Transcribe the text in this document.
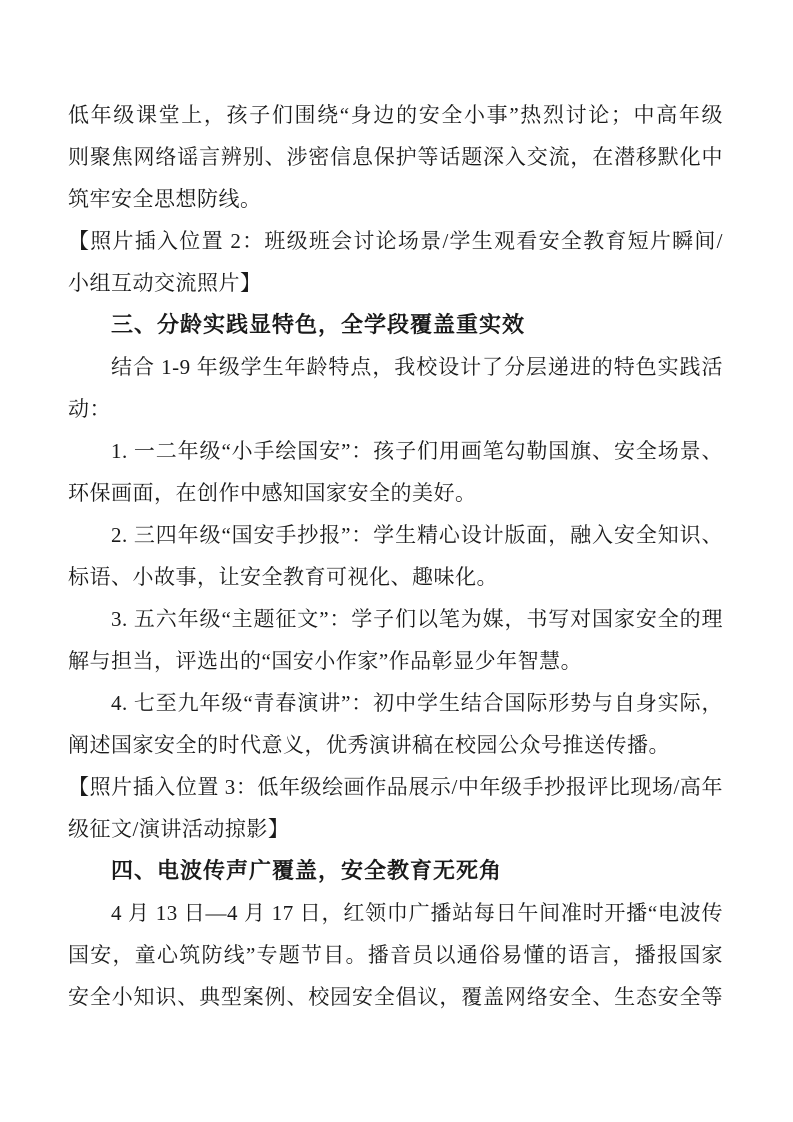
低年级课堂上，孩子们围绕“身边的安全小事”热烈讨论；中高年级
则聚焦网络谣言辨别、涉密信息保护等话题深入交流，在潜移默化中
筑牢安全思想防线。
【照片插入位置 2：班级班会讨论场景/学生观看安全教育短片瞬间/
小组互动交流照片】
三、分龄实践显特色，全学段覆盖重实效
结合 1-9 年级学生年龄特点，我校设计了分层递进的特色实践活
动：
1. 一二年级“小手绘国安”：孩子们用画笔勾勒国旗、安全场景、
环保画面，在创作中感知国家安全的美好。
2. 三四年级“国安手抄报”：学生精心设计版面，融入安全知识、
标语、小故事，让安全教育可视化、趣味化。
3. 五六年级“主题征文”：学子们以笔为媒，书写对国家安全的理
解与担当，评选出的“国安小作家”作品彰显少年智慧。
4. 七至九年级“青春演讲”：初中学生结合国际形势与自身实际，
阐述国家安全的时代意义，优秀演讲稿在校园公众号推送传播。
【照片插入位置 3：低年级绘画作品展示/中年级手抄报评比现场/高年
级征文/演讲活动掠影】
四、电波传声广覆盖，安全教育无死角
4 月 13 日—4 月 17 日，红领巾广播站每日午间准时开播“电波传
国安，童心筑防线”专题节目。播音员以通俗易懂的语言，播报国家
安全小知识、典型案例、校园安全倡议，覆盖网络安全、生态安全等
